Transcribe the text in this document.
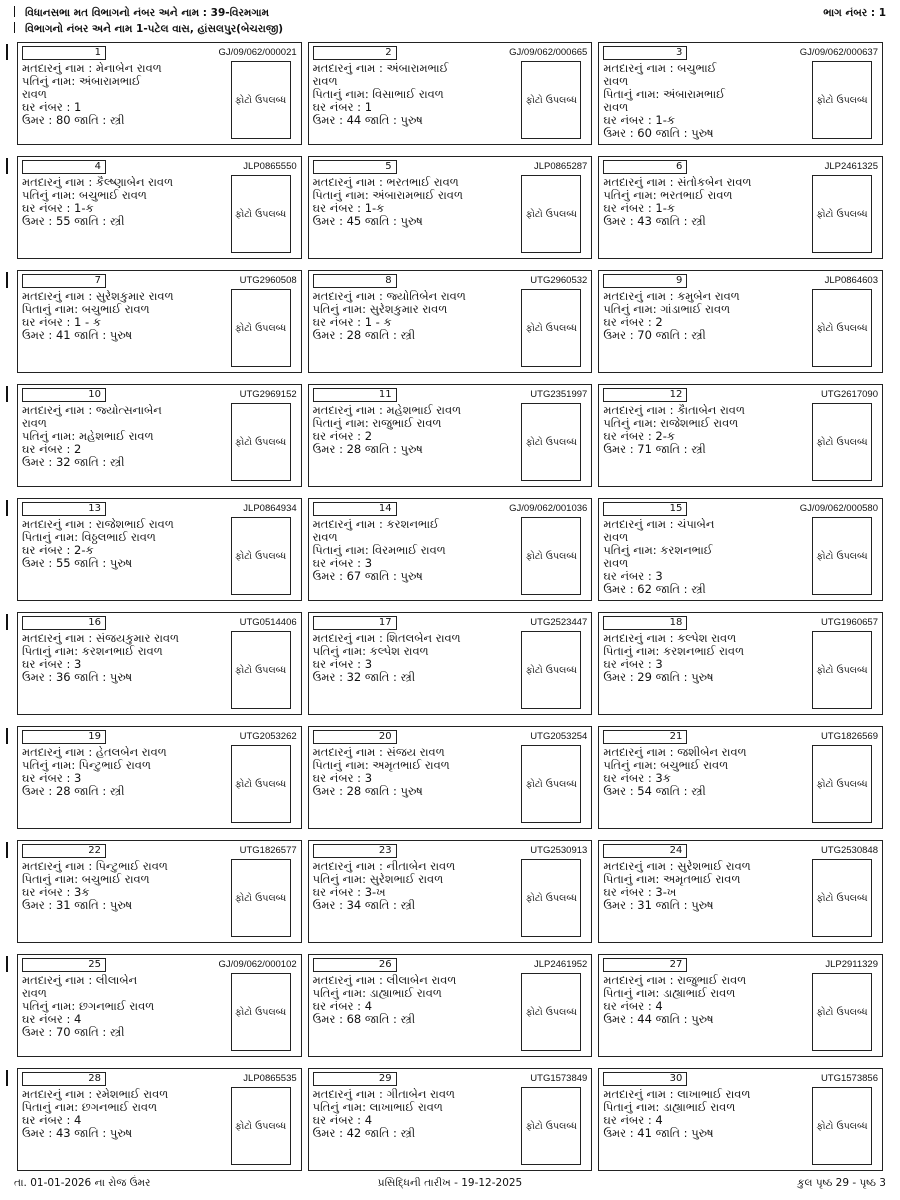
વિધાનસભા મત વિભાગનો નંબર અને નામ : 39-વિરમગામ
વિભાગનો નંબર અને નામ 1-પટેલ વાસ, હાંસલપુર(બેચરાજી)
ભાગ નંબર : 1
1	GJ/09/062/000021
મતદારનું નામ : મેનાબેન રાવળ
પતિનું નામ: અંબારામભાઈ
રાવળ
ઘર નંબર : 1
ઉંમર : 80 જાતિ : સ્ત્રી
ફોટો ઉપલબ્ધ
2	GJ/09/062/000665
મતદારનું નામ : અંબારામભાઈ
રાવળ
પિતાનું નામ: વિસાભાઈ રાવળ
ઘર નંબર : 1
ઉંમર : 44 જાતિ : પુરુષ
ફોટો ઉપલબ્ધ
3	GJ/09/062/000637
મતદારનું નામ : બચુભાઈ
રાવળ
પિતાનું નામ: અંબારામભાઈ
રાવળ
ઘર નંબર : 1-ક
ઉંમર : 60 જાતિ : પુરુષ
ફોટો ઉપલબ્ધ
4	JLP0865550
મતદારનું નામ : કૈલ્ષ્ણાબેન રાવળ
પતિનું નામ: બચુભાઈ રાવળ
ઘર નંબર : 1-ક
ઉંમર : 55 જાતિ : સ્ત્રી	ફોટો ઉપલબ્ધ
5	JLP0865287
મતદારનું નામ : ભરતભાઈ રાવળ
પિતાનું નામ: અંબારામભાઈ રાવળ
ઘર નંબર : 1-ક
ઉંમર : 45 જાતિ : પુરુષ	ફોટો ઉપલબ્ધ
6	JLP2461325
મતદારનું નામ : સંતોકબેન રાવળ
પતિનું નામ: ભરતભાઈ રાવળ
ઘર નંબર : 1-ક
ઉંમર : 43 જાતિ : સ્ત્રી	ફોટો ઉપલબ્ધ
7	UTG2960508
મતદારનું નામ : સુરેશકુમાર રાવળ
પિતાનું નામ: બચુભાઈ રાવળ
ઘર નંબર : 1 - ક
ઉંમર : 41 જાતિ : પુરુષ	ફોટો ઉપલબ્ધ
8	UTG2960532
મતદારનું નામ : જ્યોતિબેન રાવળ
પતિનું નામ: સુરેશકુમાર રાવળ
ઘર નંબર : 1 - ક
ઉંમર : 28 જાતિ : સ્ત્રી	ફોટો ઉપલબ્ધ
9	JLP0864603
મતદારનું નામ : કમુબેન રાવળ
પતિનું નામ: ગાંડાભાઈ રાવળ
ઘર નંબર : 2
ઉંમર : 70 જાતિ : સ્ત્રી	ફોટો ઉપલબ્ધ
10	UTG2969152
મતદારનું નામ : જ્યોત્સનાબેન
રાવળ
પતિનું નામ: મહેશભાઈ રાવળ
ઘર નંબર : 2
ઉંમર : 32 જાતિ : સ્ત્રી
ફોટો ઉપલબ્ધ
11	UTG2351997
મતદારનું નામ : મહેશભાઈ રાવળ
પિતાનું નામ: રાજુભાઈ રાવળ
ઘર નંબર : 2
ઉંમર : 28 જાતિ : પુરુષ	ફોટો ઉપલબ્ધ
12	UTG2617090
મતદારનું નામ : કૈાતાબેન રાવળ
પતિનું નામ: રાજેશભાઈ રાવળ
ઘર નંબર : 2-ક
ઉંમર : 71 જાતિ : સ્ત્રી	ફોટો ઉપલબ્ધ
13	JLP0864934
મતદારનું નામ : રાજેશભાઈ રાવળ
પિતાનું નામ: વિઠ્ઠલભાઈ રાવળ
ઘર નંબર : 2-ક
ઉંમર : 55 જાતિ : પુરુષ	ફોટો ઉપલબ્ધ
14	GJ/09/062/001036
મતદારનું નામ : કરશનભાઈ
રાવળ
પિતાનું નામ: વિરમભાઈ રાવળ
ઘર નંબર : 3
ઉંમર : 67 જાતિ : પુરુષ
ફોટો ઉપલબ્ધ
15	GJ/09/062/000580
મતદારનું નામ : ચંપાબેન
રાવળ
પતિનું નામ: કરશનભાઈ
રાવળ
ઘર નંબર : 3
ઉંમર : 62 જાતિ : સ્ત્રી
ફોટો ઉપલબ્ધ
16	UTG0514406
મતદારનું નામ : સંજયકુમાર રાવળ
પિતાનું નામ: કરશનભાઈ રાવળ
ઘર નંબર : 3
ઉંમર : 36 જાતિ : પુરુષ	ફોટો ઉપલબ્ધ
17	UTG2523447
મતદારનું નામ : શિતલબેન રાવળ
પતિનું નામ: કલ્પેશ રાવળ
ઘર નંબર : 3
ઉંમર : 32 જાતિ : સ્ત્રી	ફોટો ઉપલબ્ધ
18	UTG1960657
મતદારનું નામ : કલ્પેશ રાવળ
પિતાનું નામ: કરશનભાઈ રાવળ
ઘર નંબર : 3
ઉંમર : 29 જાતિ : પુરુષ	ફોટો ઉપલબ્ધ
19	UTG2053262
મતદારનું નામ : હેતલબેન રાવળ
પતિનું નામ: પિન્ટુભાઈ રાવળ
ઘર નંબર : 3
ઉંમર : 28 જાતિ : સ્ત્રી	ફોટો ઉપલબ્ધ
20	UTG2053254
મતદારનું નામ : સંજય રાવળ
પિતાનું નામ: અમૃતભાઈ રાવળ
ઘર નંબર : 3
ઉંમર : 28 જાતિ : પુરુષ	ફોટો ઉપલબ્ધ
21	UTG1826569
મતદારનું નામ : જશીબેન રાવળ
પતિનું નામ: બચુભાઈ રાવળ
ઘર નંબર : 3ક
ઉંમર : 54 જાતિ : સ્ત્રી	ફોટો ઉપલબ્ધ
22	UTG1826577
મતદારનું નામ : પિન્ટુભાઈ રાવળ
પિતાનું નામ: બચુભાઈ રાવળ
ઘર નંબર : 3ક
ઉંમર : 31 જાતિ : પુરુષ	ફોટો ઉપલબ્ધ
23	UTG2530913
મતદારનું નામ : નીતાબેન રાવળ
પતિનું નામ: સુરેશભાઈ રાવળ
ઘર નંબર : 3-ખ
ઉંમર : 34 જાતિ : સ્ત્રી	ફોટો ઉપલબ્ધ
24	UTG2530848
મતદારનું નામ : સુરેશભાઈ રાવળ
પિતાનું નામ: અમૃતભાઈ રાવળ
ઘર નંબર : 3-ખ
ઉંમર : 31 જાતિ : પુરુષ	ફોટો ઉપલબ્ધ
25	GJ/09/062/000102
મતદારનું નામ : લીલાબેન
રાવળ
પતિનું નામ: છગનભાઈ રાવળ
ઘર નંબર : 4
ઉંમર : 70 જાતિ : સ્ત્રી
ફોટો ઉપલબ્ધ
26	JLP2461952
મતદારનું નામ : લીલાબેન રાવળ
પતિનું નામ: ડાહ્યાભાઈ રાવળ
ઘર નંબર : 4
ઉંમર : 68 જાતિ : સ્ત્રી	ફોટો ઉપલબ્ધ
27	JLP2911329
મતદારનું નામ : રાજુભાઈ રાવળ
પિતાનું નામ: ડાહ્યાભાઈ રાવળ
ઘર નંબર : 4
ઉંમર : 44 જાતિ : પુરુષ	ફોટો ઉપલબ્ધ
28	JLP0865535
મતદારનું નામ : રમેશભાઈ રાવળ
પિતાનું નામ: છગનભાઈ રાવળ
ઘર નંબર : 4
ઉંમર : 43 જાતિ : પુરુષ	ફોટો ઉપલબ્ધ
29	UTG1573849
મતદારનું નામ : ગીતાબેન રાવળ
પતિનું નામ: લાખાભાઈ રાવળ
ઘર નંબર : 4
ઉંમર : 42 જાતિ : સ્ત્રી	ફોટો ઉપલબ્ધ
30	UTG1573856
મતદારનું નામ : લાખાભાઈ રાવળ
પિતાનું નામ: ડાહ્યાભાઈ રાવળ
ઘર નંબર : 4
ઉંમર : 41 જાતિ : પુરુષ	ફોટો ઉપલબ્ધ
તા. 01-01-2026 ના રોજ ઉંમર	પ્રસિદ્ધિની તારીખ - 19-12-2025	કુલ પૃષ્ઠ 29 - પૃષ્ઠ 3
